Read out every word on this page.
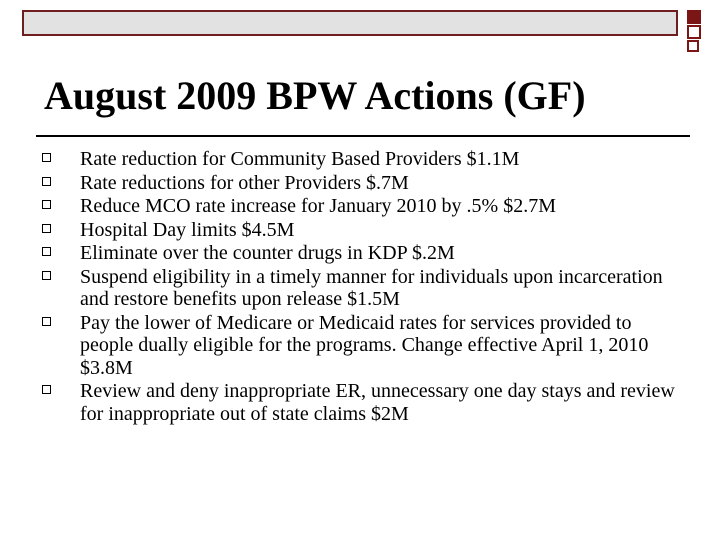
August 2009 BPW Actions (GF)
Rate reduction for Community Based Providers $1.1M
Rate reductions for other Providers $.7M
Reduce MCO rate increase for January 2010 by .5% $2.7M
Hospital Day limits $4.5M
Eliminate over the counter drugs in KDP $.2M
Suspend eligibility in a timely manner for individuals upon incarceration and restore benefits upon release $1.5M
Pay the lower of Medicare or Medicaid rates for services provided to people dually eligible for the programs. Change effective April 1, 2010 $3.8M
Review and deny inappropriate ER, unnecessary one day stays and review for inappropriate out of state claims $2M
